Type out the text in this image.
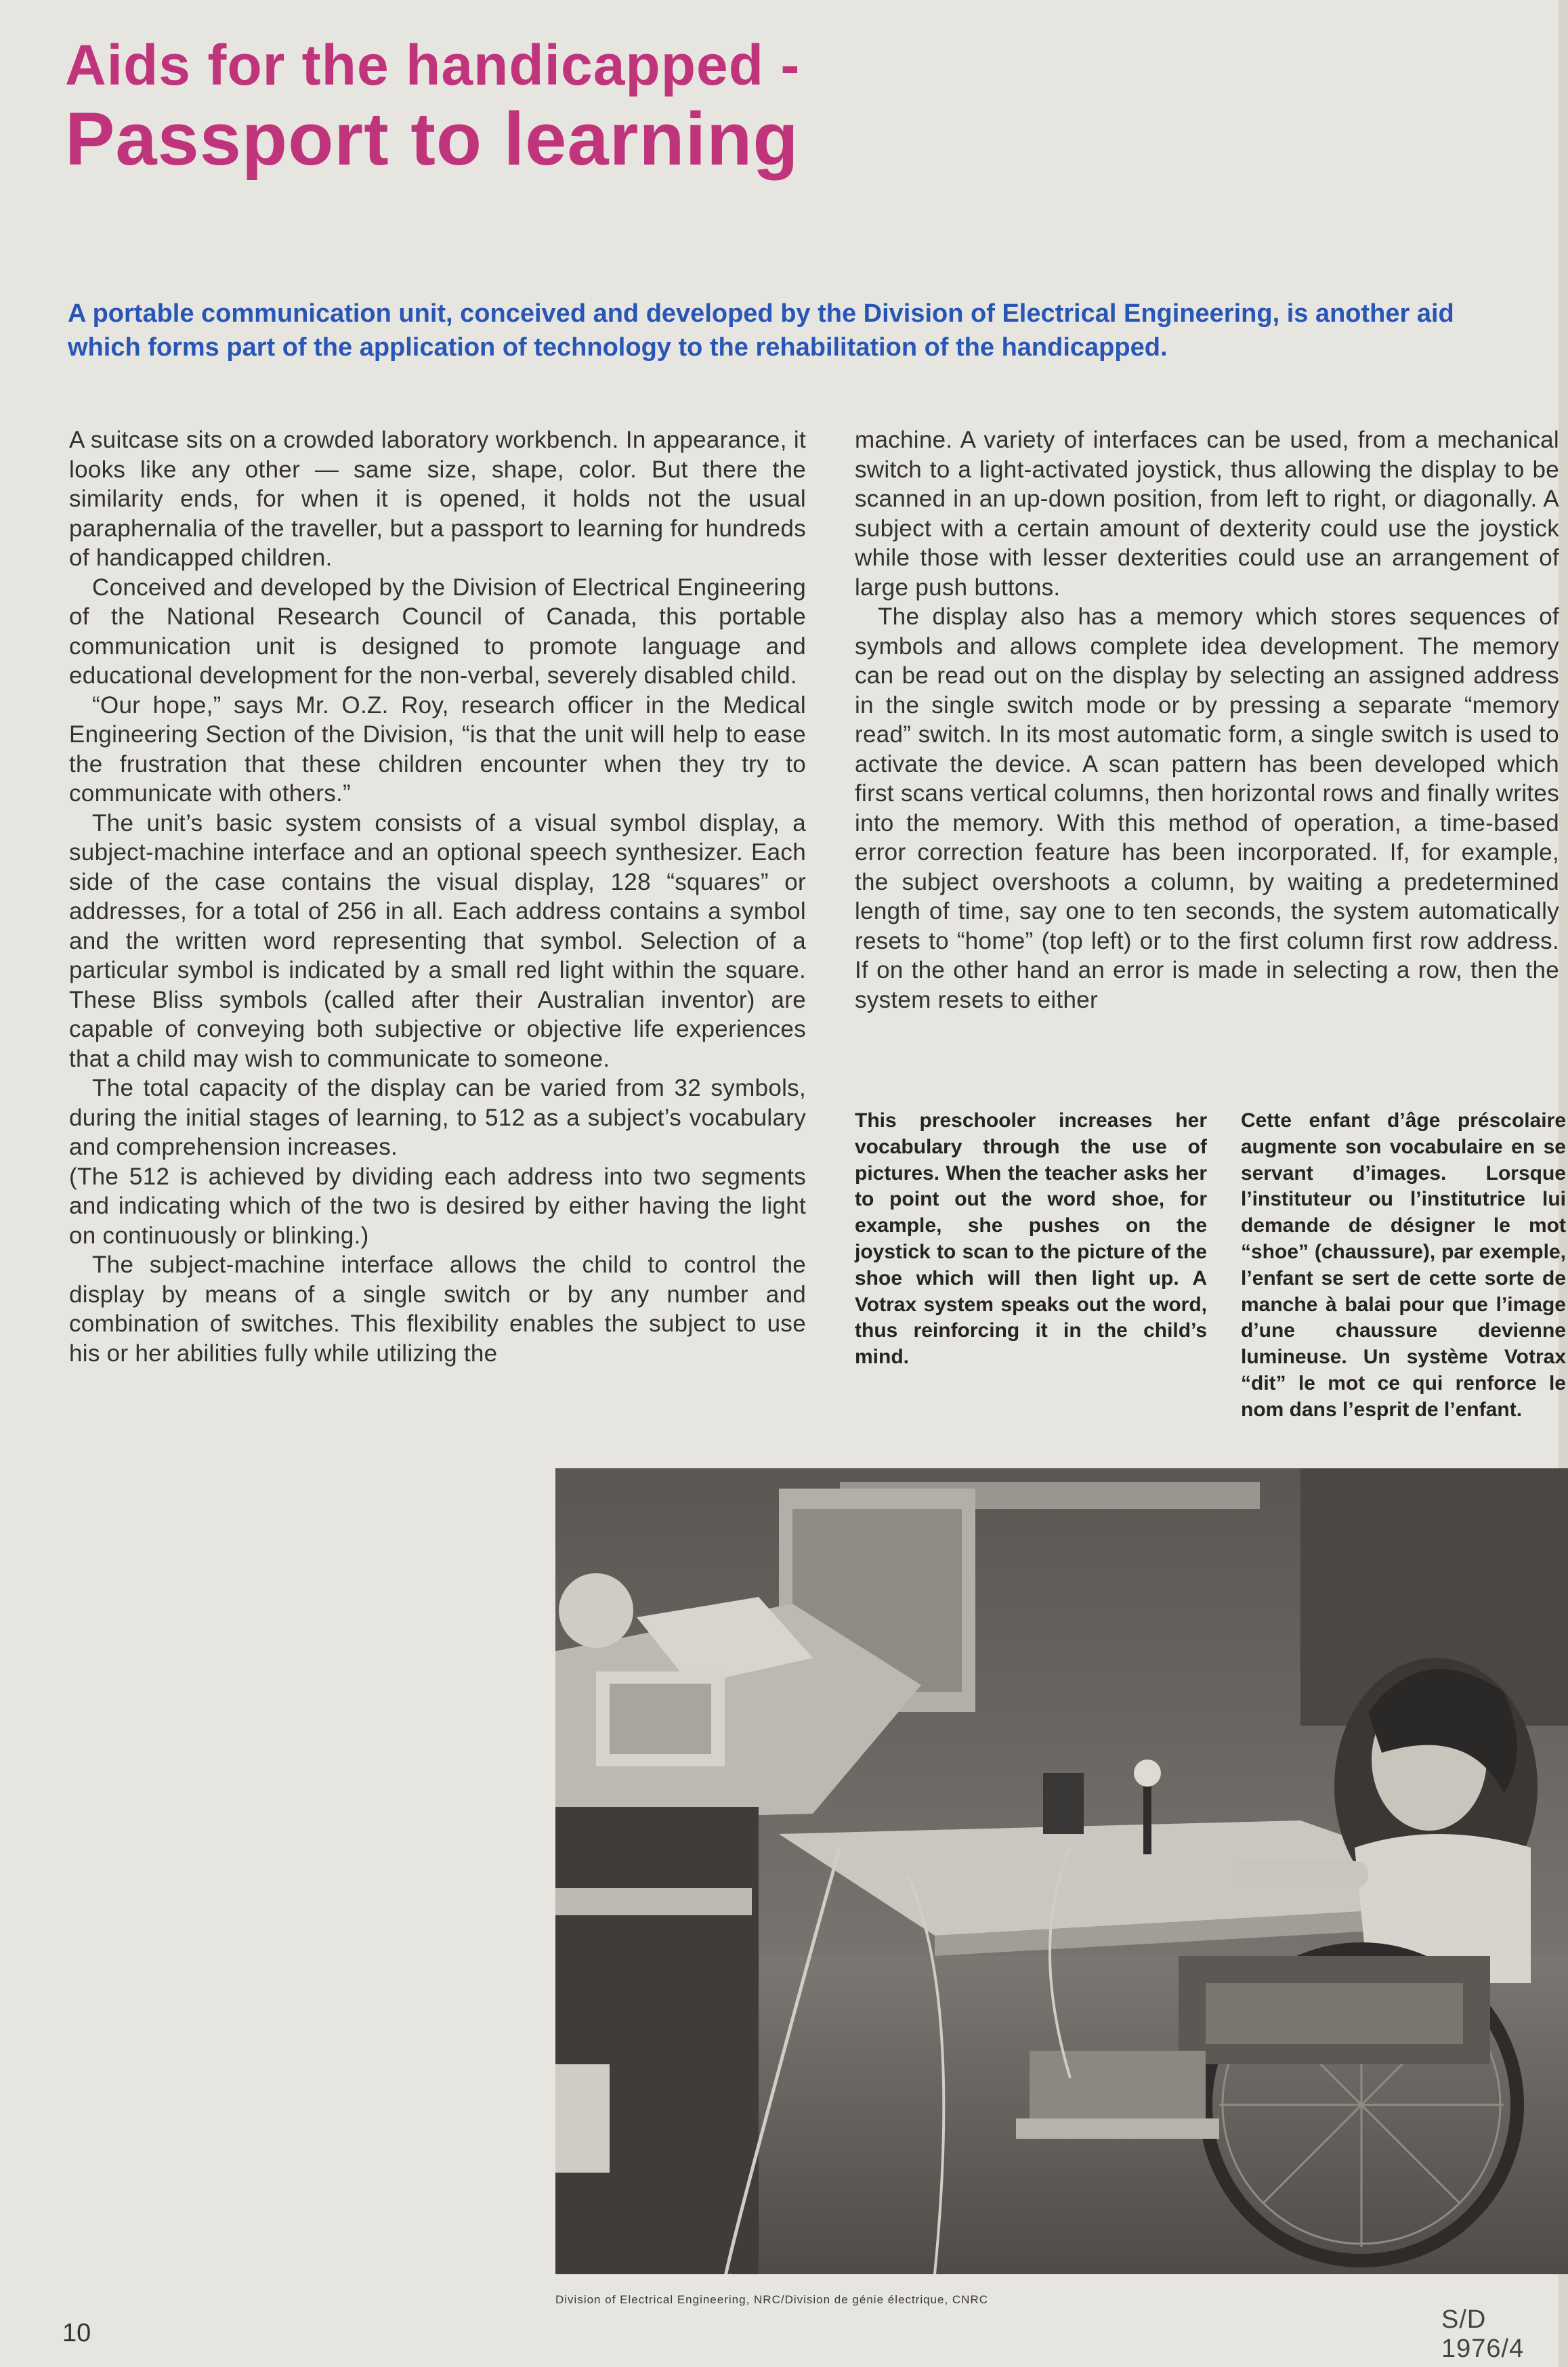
Aids for the handicapped -
Passport to learning
A portable communication unit, conceived and developed by the Division of Electrical Engineering, is another aid which forms part of the application of technology to the rehabilitation of the handicapped.

A suitcase sits on a crowded laboratory workbench. In appearance, it looks like any other — same size, shape, color. But there the similarity ends, for when it is opened, it holds not the usual paraphernalia of the traveller, but a passport to learning for hundreds of handicapped children.

Conceived and developed by the Division of Electrical Engineering of the National Research Council of Canada, this portable communication unit is designed to promote language and educational development for the non-verbal, severely disabled child.

“Our hope,” says Mr. O.Z. Roy, research officer in the Medical Engineering Section of the Division, “is that the unit will help to ease the frustration that these children encounter when they try to communicate with others.”

The unit’s basic system consists of a visual symbol display, a subject-machine interface and an optional speech synthesizer. Each side of the case contains the visual display, 128 “squares” or addresses, for a total of 256 in all. Each address contains a symbol and the written word representing that symbol. Selection of a particular symbol is indicated by a small red light within the square. These Bliss symbols (called after their Australian inventor) are capable of conveying both subjective or objective life experiences that a child may wish to communicate to someone.

The total capacity of the display can be varied from 32 symbols, during the initial stages of learning, to 512 as a subject’s vocabulary and comprehension increases.

(The 512 is achieved by dividing each address into two segments and indicating which of the two is desired by either having the light on continuously or blinking.)

The subject-machine interface allows the child to control the display by means of a single switch or by any number and combination of switches. This flexibility enables the subject to use his or her abilities fully while utilizing the

machine. A variety of interfaces can be used, from a mechanical switch to a light-activated joystick, thus allowing the display to be scanned in an up-down position, from left to right, or diagonally. A subject with a certain amount of dexterity could use the joystick while those with lesser dexterities could use an arrangement of large push buttons.

The display also has a memory which stores sequences of symbols and allows complete idea development. The memory can be read out on the display by selecting an assigned address in the single switch mode or by pressing a separate “memory read” switch. In its most automatic form, a single switch is used to activate the device. A scan pattern has been developed which first scans vertical columns, then horizontal rows and finally writes into the memory. With this method of operation, a time-based error correction feature has been incorporated. If, for example, the subject overshoots a column, by waiting a predetermined length of time, say one to ten seconds, the system automatically resets to “home” (top left) or to the first column first row address. If on the other hand an error is made in selecting a row, then the system resets to either

This preschooler increases her vocabulary through the use of pictures. When the teacher asks her to point out the word shoe, for example, she pushes on the joystick to scan to the picture of the shoe which will then light up. A Votrax system speaks out the word, thus reinforcing it in the child’s mind.
Cette enfant d’âge préscolaire augmente son vocabulaire en se servant d’images. Lorsque l’instituteur ou l’institutrice lui demande de désigner le mot “shoe” (chaussure), par exemple, l’enfant se sert de cette sorte de manche à balai pour que l’image d’une chaussure devienne lumineuse. Un système Votrax “dit” le mot ce qui renforce le nom dans l’esprit de l’enfant.
Division of Electrical Engineering, NRC/Division de génie électrique, CNRC
10	S/D 1976/4
